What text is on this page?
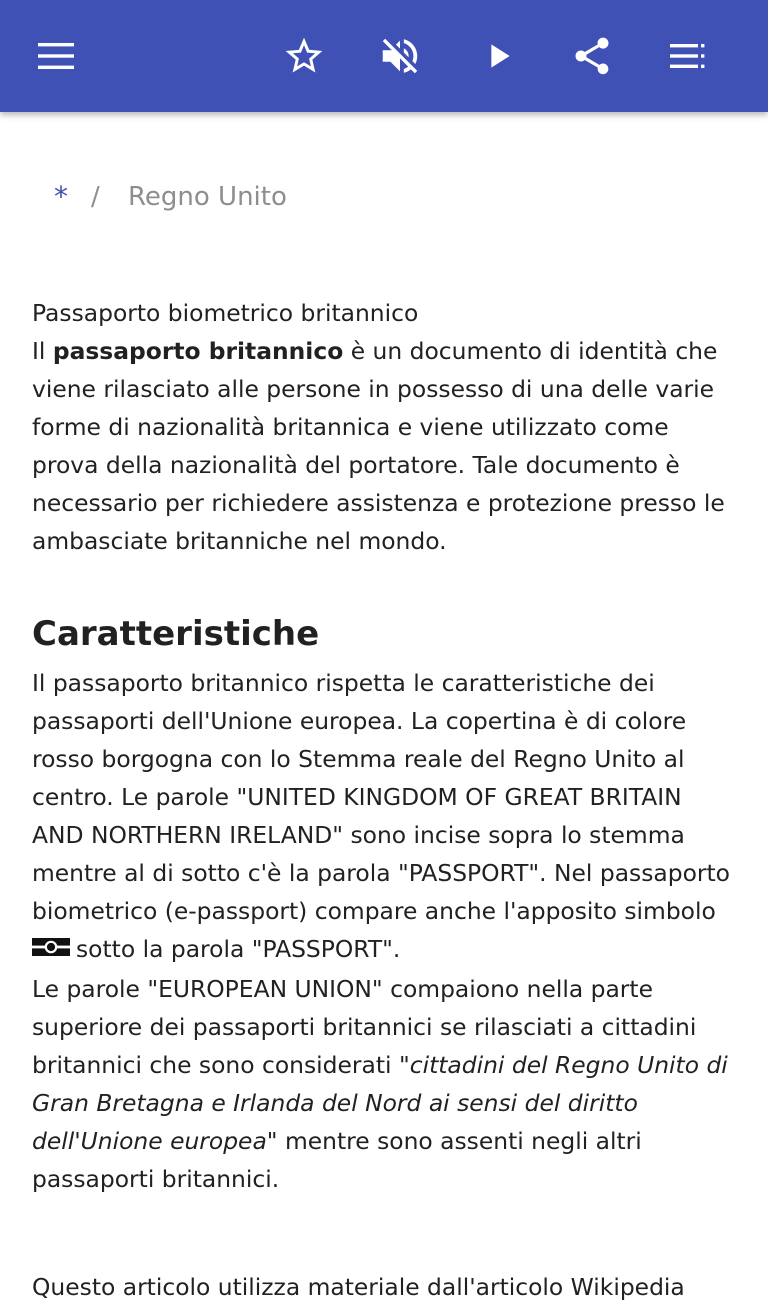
* / Regno Unito

Passaporto biometrico britannico

Il passaporto britannico è un documento di identità che viene rilasciato alle persone in possesso di una delle varie forme di nazionalità britannica e viene utilizzato come prova della nazionalità del portatore. Tale documento è necessario per richiedere assistenza e protezione presso le ambasciate britanniche nel mondo.

Caratteristiche

Il passaporto britannico rispetta le caratteristiche dei passaporti dell'Unione europea. La copertina è di colore rosso borgogna con lo Stemma reale del Regno Unito al centro. Le parole "UNITED KINGDOM OF GREAT BRITAIN AND NORTHERN IRELAND" sono incise sopra lo stemma mentre al di sotto c'è la parola "PASSPORT". Nel passaporto biometrico (e-passport) compare anche l'apposito simbolo sotto la parola "PASSPORT".

Le parole "EUROPEAN UNION" compaiono nella parte superiore dei passaporti britannici se rilasciati a cittadini britannici che sono considerati "cittadini del Regno Unito di Gran Bretagna e Irlanda del Nord ai sensi del diritto dell'Unione europea" mentre sono assenti negli altri passaporti britannici.

Questo articolo utilizza materiale dall'articolo Wikipedia
